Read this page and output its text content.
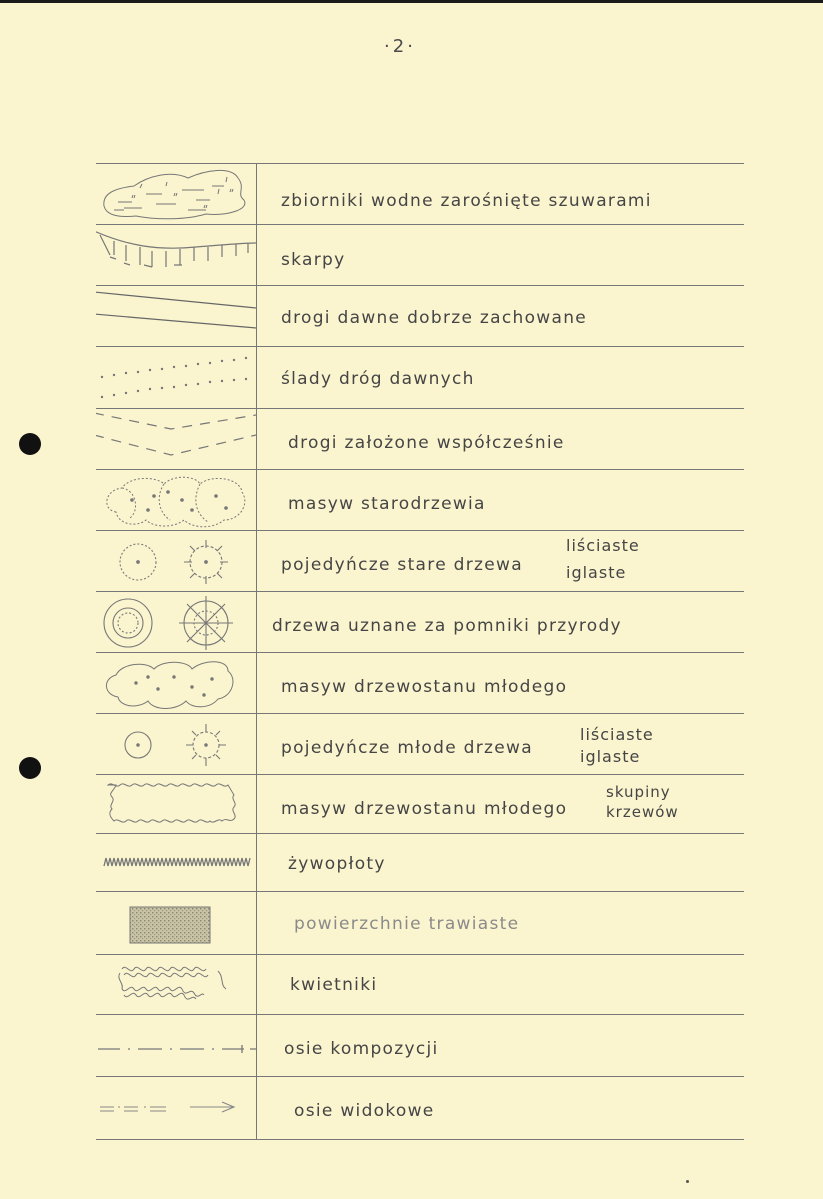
·2·
zbiorniki wodne zarośnięte szuwarami
skarpy
drogi dawne dobrze zachowane
ślady dróg dawnych
drogi założone współcześnie
masyw starodrzewia
pojedyńcze stare drzewa
liściaste
iglaste
drzewa uznane za pomniki przyrody
masyw drzewostanu młodego
pojedyńcze młode drzewa
liściaste
iglaste
masyw drzewostanu młodego
skupiny
krzewów
żywopłoty
powierzchnie trawiaste
kwietniki
osie kompozycji
osie widokowe
